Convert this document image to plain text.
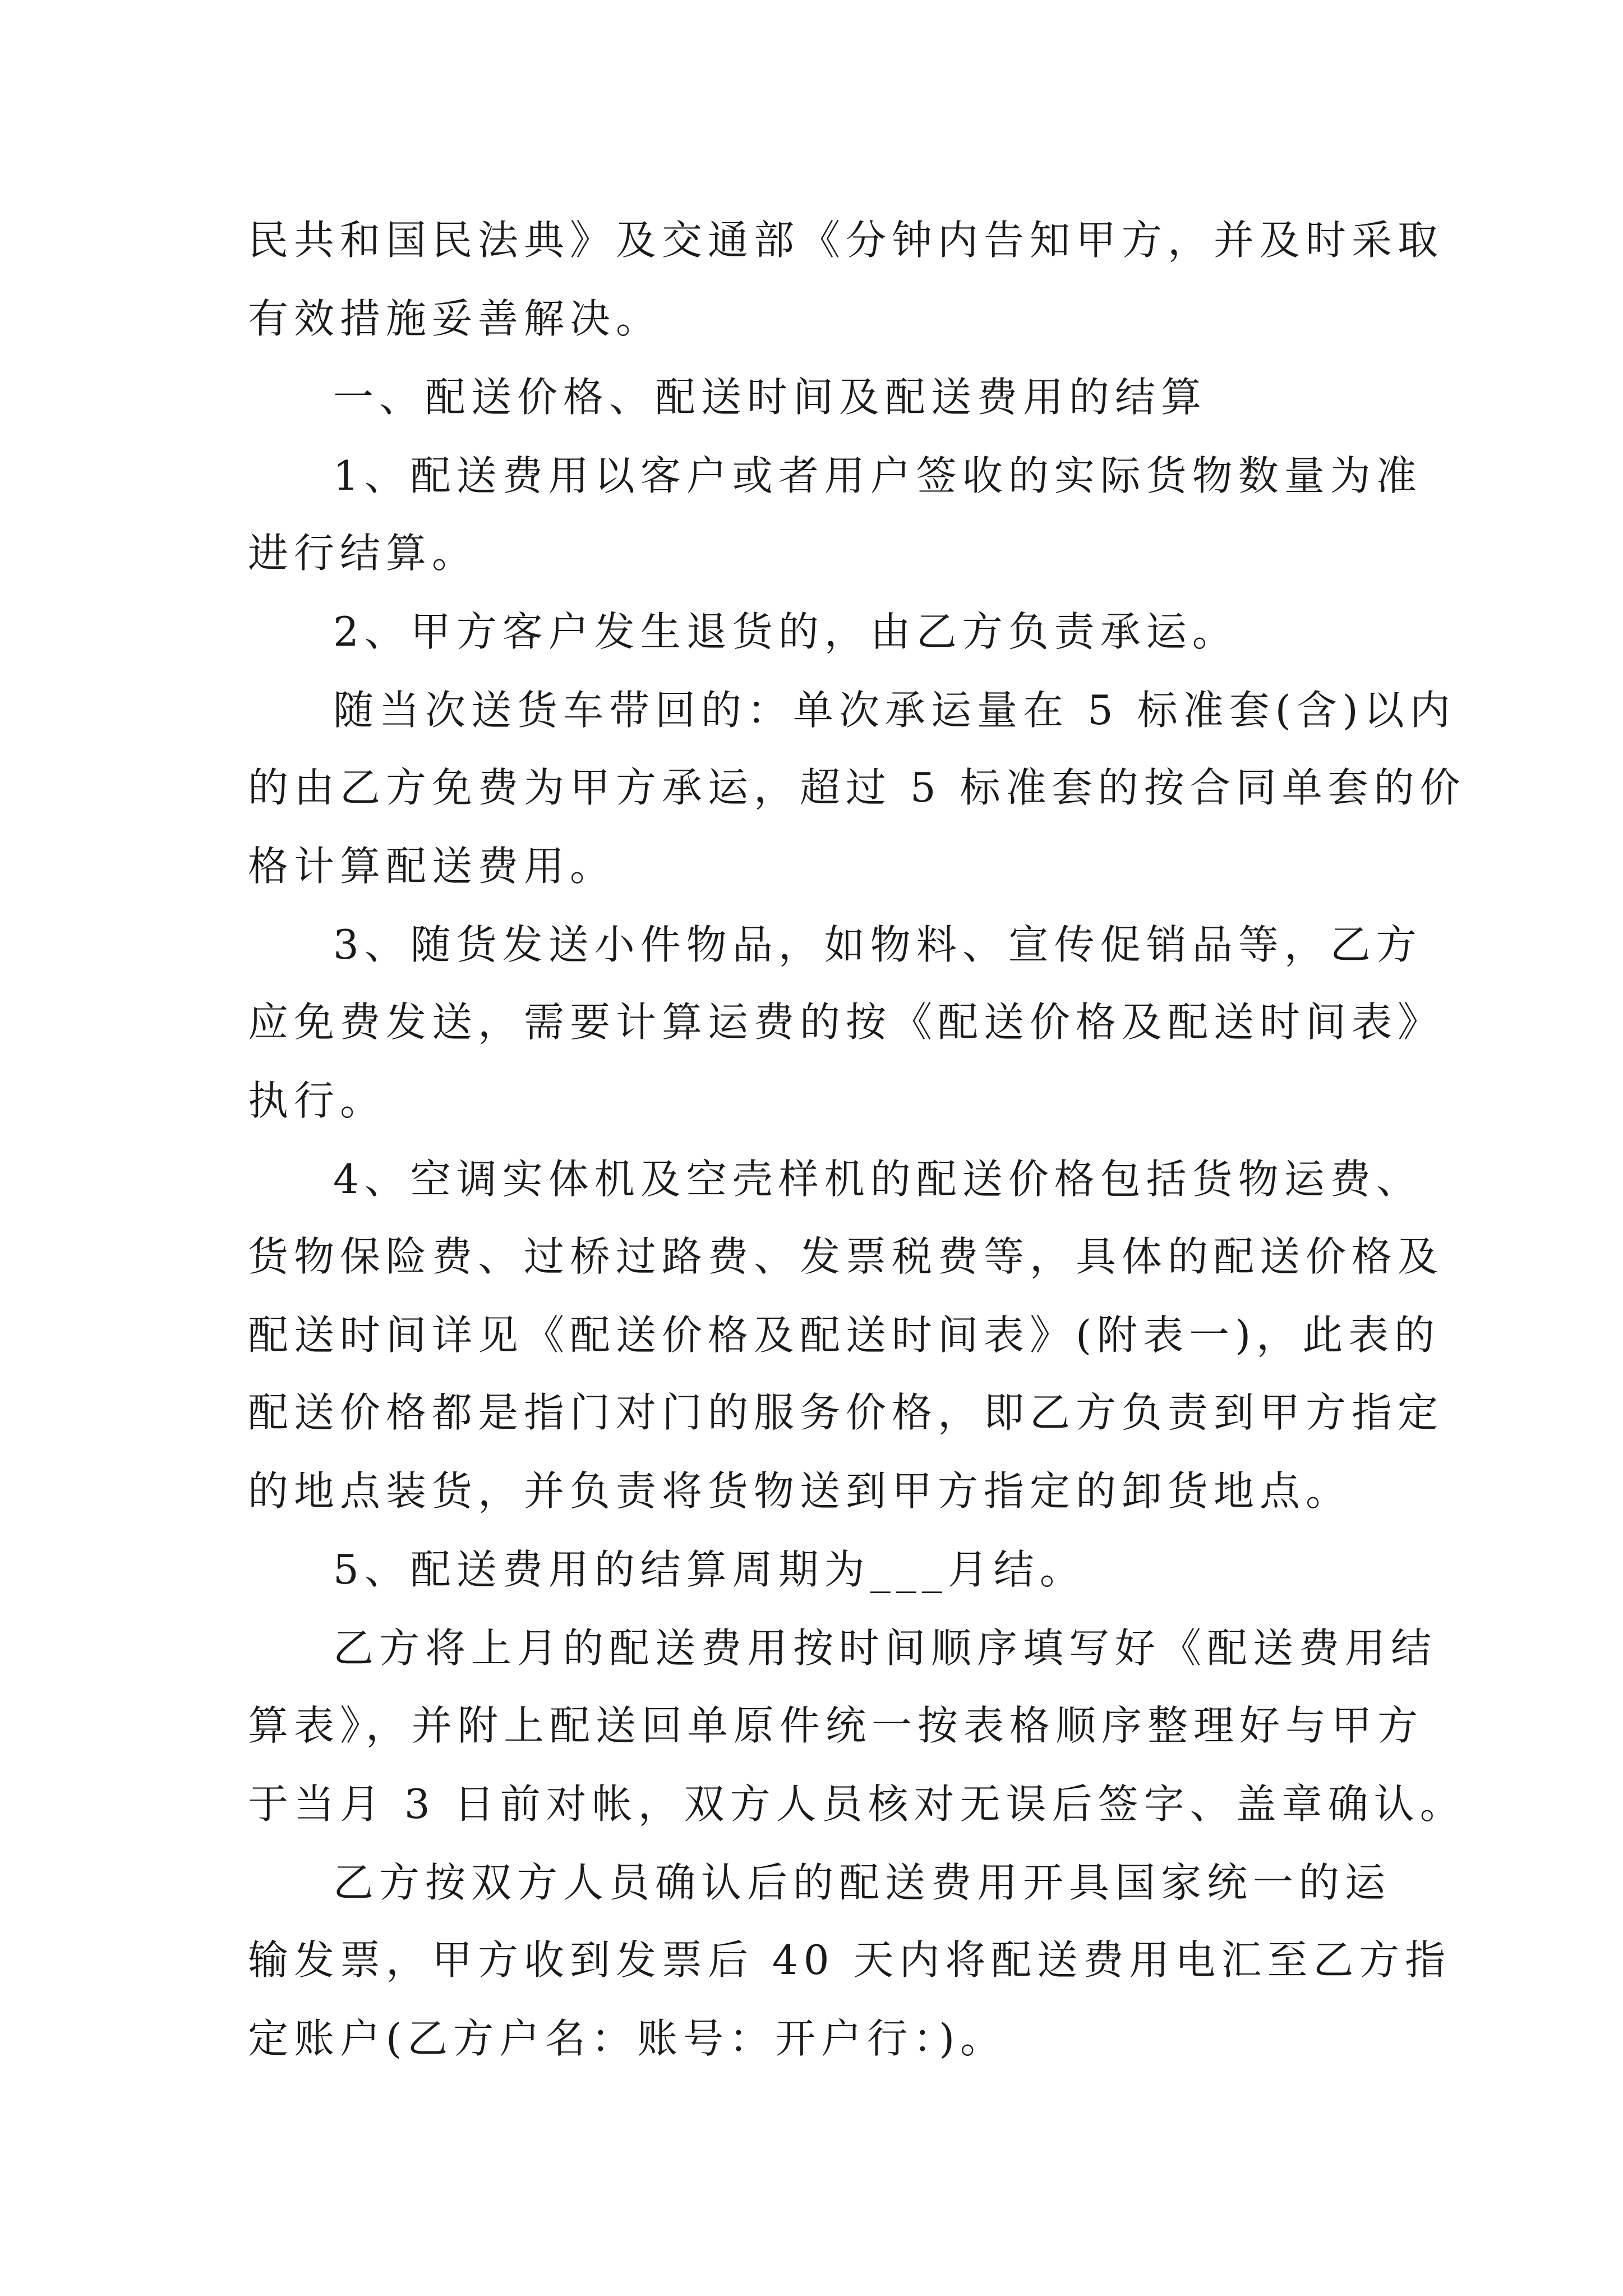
民共和国民法典》及交通部《分钟内告知甲方，并及时采取

有效措施妥善解决。

一、配送价格、配送时间及配送费用的结算

1、配送费用以客户或者用户签收的实际货物数量为准

进行结算。

2、甲方客户发生退货的，由乙方负责承运。

随当次送货车带回的：单次承运量在 5 标准套(含)以内

的由乙方免费为甲方承运，超过 5 标准套的按合同单套的价

格计算配送费用。

3、随货发送小件物品，如物料、宣传促销品等，乙方

应免费发送，需要计算运费的按《配送价格及配送时间表》

执行。

4、空调实体机及空壳样机的配送价格包括货物运费、

货物保险费、过桥过路费、发票税费等，具体的配送价格及

配送时间详见《配送价格及配送时间表》(附表一)，此表的

配送价格都是指门对门的服务价格，即乙方负责到甲方指定

的地点装货，并负责将货物送到甲方指定的卸货地点。

5、配送费用的结算周期为___月结。

乙方将上月的配送费用按时间顺序填写好《配送费用结

算表》，并附上配送回单原件统一按表格顺序整理好与甲方

于当月 3 日前对帐，双方人员核对无误后签字、盖章确认。

乙方按双方人员确认后的配送费用开具国家统一的运

输发票，甲方收到发票后 40 天内将配送费用电汇至乙方指

定账户(乙方户名：账号：开户行：)。
